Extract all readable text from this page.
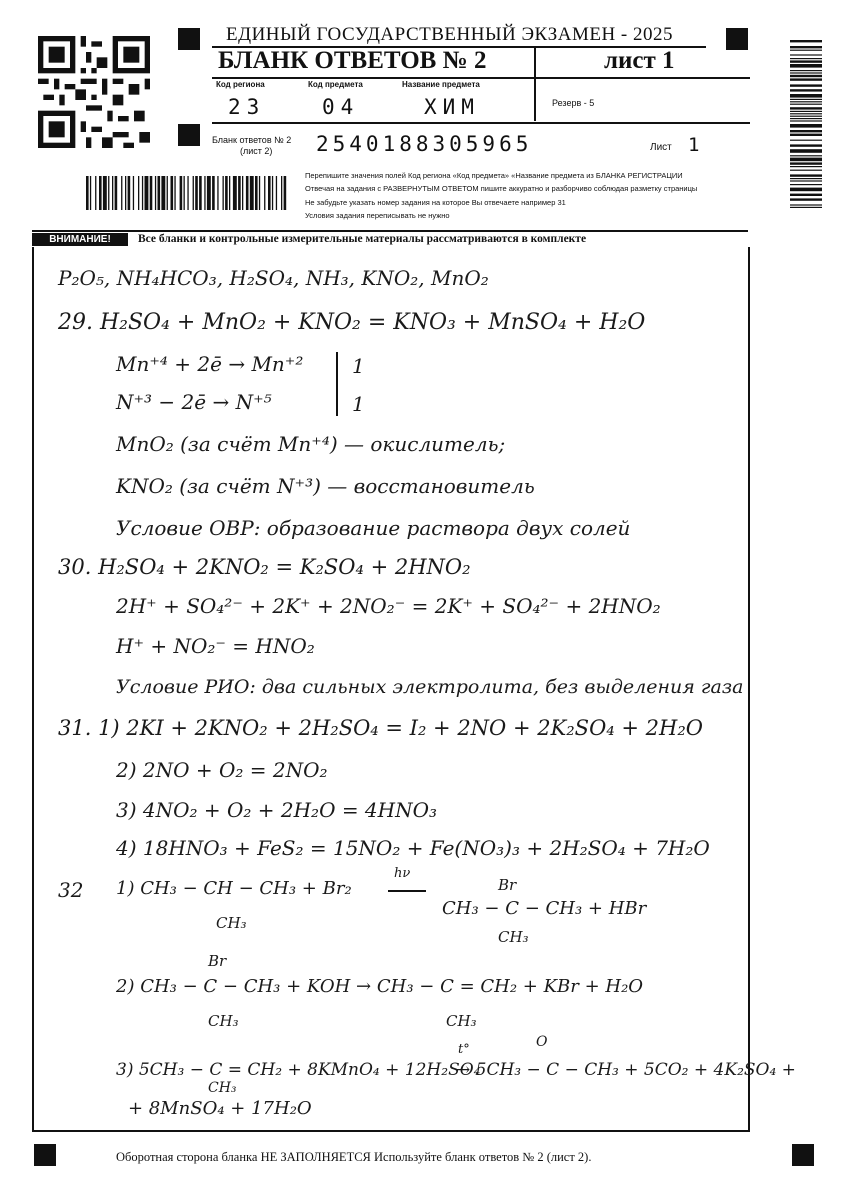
ЕДИНЫЙ ГОСУДАРСТВЕННЫЙ ЭКЗАМЕН - 2025
БЛАНК ОТВЕТОВ № 2	лист 1
Код региона	Код предмета	Название предмета
23	04	ХИМ	Резерв - 5
Бланк ответов № 2
(лист 2) 2540188305965	Лист 1
Перепишите значения полей Код региона «Код предмета» «Название предмета из БЛАНКА РЕГИСТРАЦИИ
Отвечая на задания с РАЗВЕРНУТЫМ ОТВЕТОМ пишите аккуратно и разборчиво соблюдая разметку страницы
Не забудьте указать номер задания на которое Вы отвечаете например 31
Условия задания переписывать не нужно
ВНИМАНИЕ!	Все бланки и контрольные измерительные материалы рассматриваются в комплекте
P₂O₅, NH₄HCO₃, H₂SO₄, NH₃, KNO₂, MnO₂
29. H₂SO₄ + MnO₂ + KNO₂ = KNO₃ + MnSO₄ + H₂O
Mn⁺⁴ + 2ē → Mn⁺² 1
N⁺³ − 2ē → N⁺⁵	1
MnO₂ (за счёт Mn⁺⁴) — окислитель;
KNO₂ (за счёт N⁺³) — восстановитель
Условие ОВР: образование раствора двух солей
30. H₂SO₄ + 2KNO₂ = K₂SO₄ + 2HNO₂
2H⁺ + SO₄²⁻ + 2K⁺ + 2NO₂⁻ = 2K⁺ + SO₄²⁻ + 2HNO₂
H⁺ + NO₂⁻ = HNO₂
Условие РИО: два сильных электролита, без выделения газа
31. 1) 2KI + 2KNO₂ + 2H₂SO₄ = I₂ + 2NO + 2K₂SO₄ + 2H₂O
2) 2NO + O₂ = 2NO₂
3) 4NO₂ + O₂ + 2H₂O = 4HNO₃
4) 18HNO₃ + FeS₂ = 15NO₂ + Fe(NO₃)₃ + 2H₂SO₄ + 7H₂O
32 1) CH₃ − CH − CH₃ + Br₂
hν
CH₃ − C − CH₃ + HBr
CH₃
Br
CH₃
Br
2) CH₃ − C − CH₃ + KOH → CH₃ − C = CH₂ + KBr + H₂O
CH₃	CH₃
O
t°
3) 5CH₃ − C = CH₂ + 8KMnO₄ + 12H₂SO₄
→ 5CH₃ − C − CH₃ + 5CO₂ + 4K₂SO₄ +
CH₃
+ 8MnSO₄ + 17H₂O
Оборотная сторона бланка НЕ ЗАПОЛНЯЕТСЯ Используйте бланк ответов № 2 (лист 2).
